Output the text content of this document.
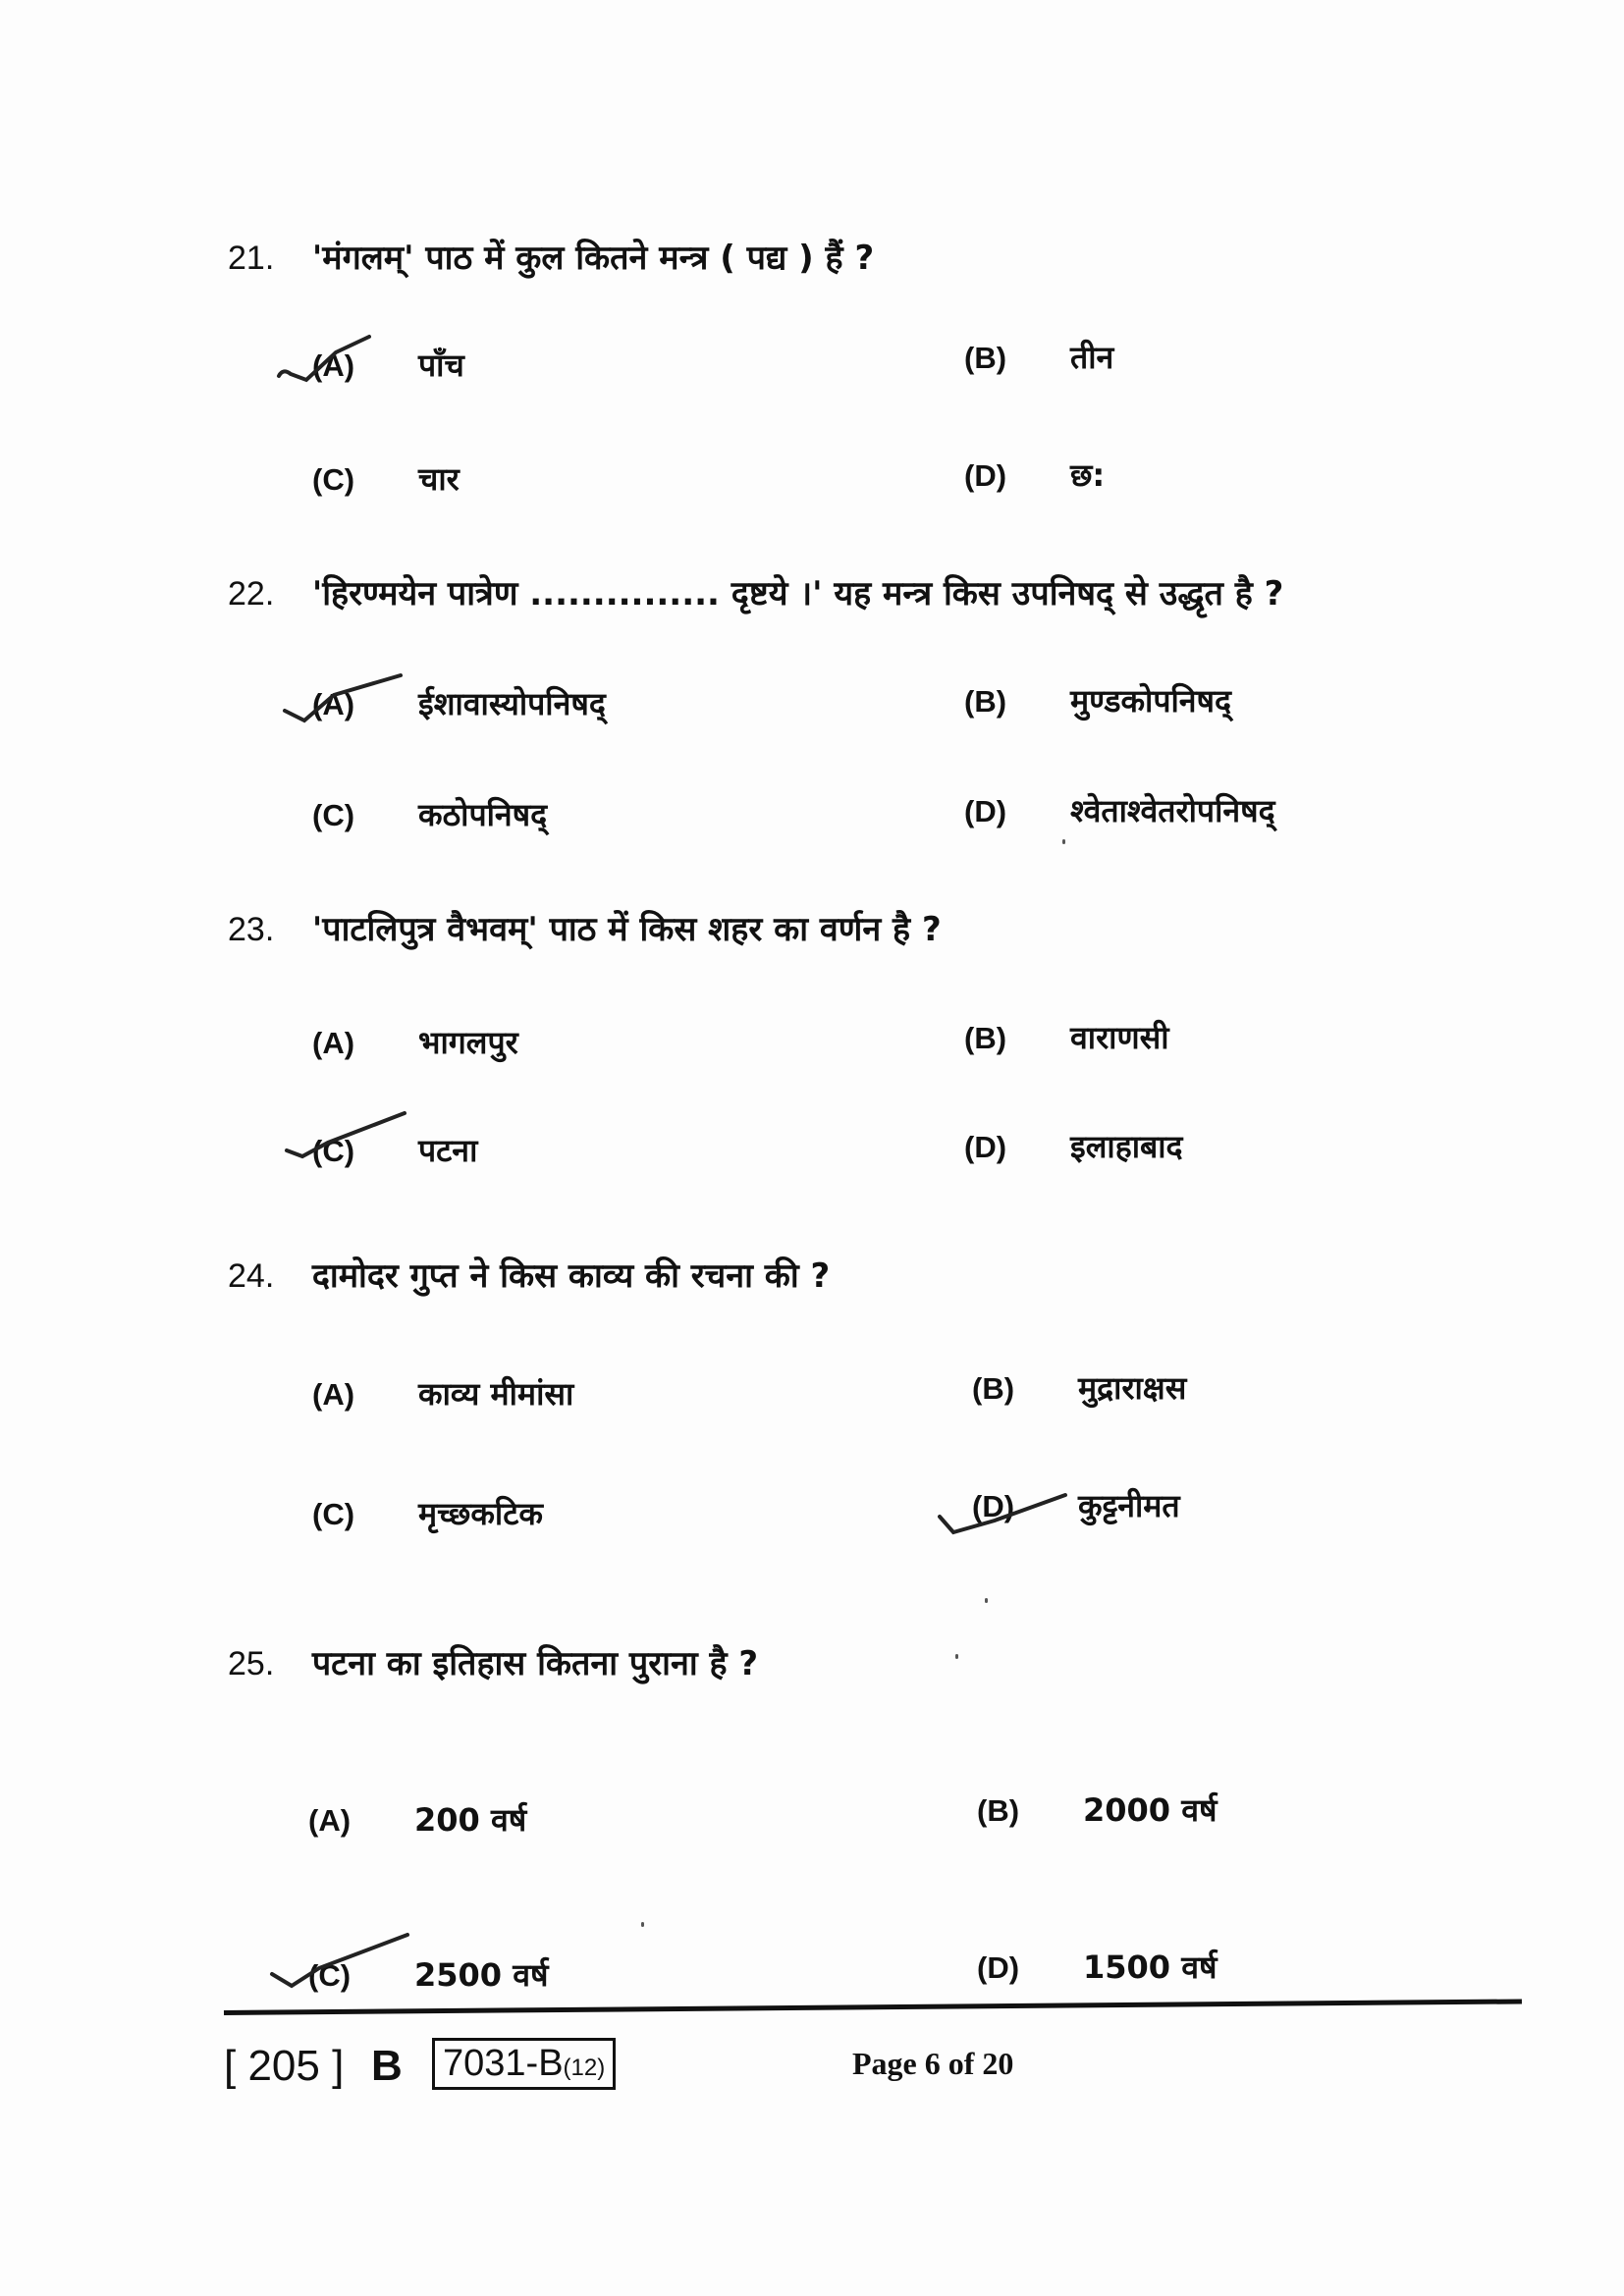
21. 'मंगलम्' पाठ में कुल कितने मन्त्र ( पद्य ) हैं ?
(A) पाँच	(B) तीन
(C) चार	(D) छ:
22. 'हिरण्मयेन पात्रेण ............... दृष्टये ।' यह मन्त्र किस उपनिषद् से उद्धृत है ?
(A) ईशावास्योपनिषद्	(B) मुण्डकोपनिषद्
(C) कठोपनिषद्	(D) श्वेताश्वेतरोपनिषद्
23. 'पाटलिपुत्र वैभवम्' पाठ में किस शहर का वर्णन है ?
(A) भागलपुर	(B) वाराणसी
(C) पटना	(D) इलाहाबाद
24. दामोदर गुप्त ने किस काव्य की रचना की ?
(A) काव्य मीमांसा	(B) मुद्राराक्षस
(C) मृच्छकटिक	(D) कुट्टनीमत
25. पटना का इतिहास कितना पुराना है ?
(A) 200 वर्ष	(B) 2000 वर्ष
(C) 2500 वर्ष	(D) 1500 वर्ष
[ 205 ] B 7031-B(12)	Page 6 of 20
